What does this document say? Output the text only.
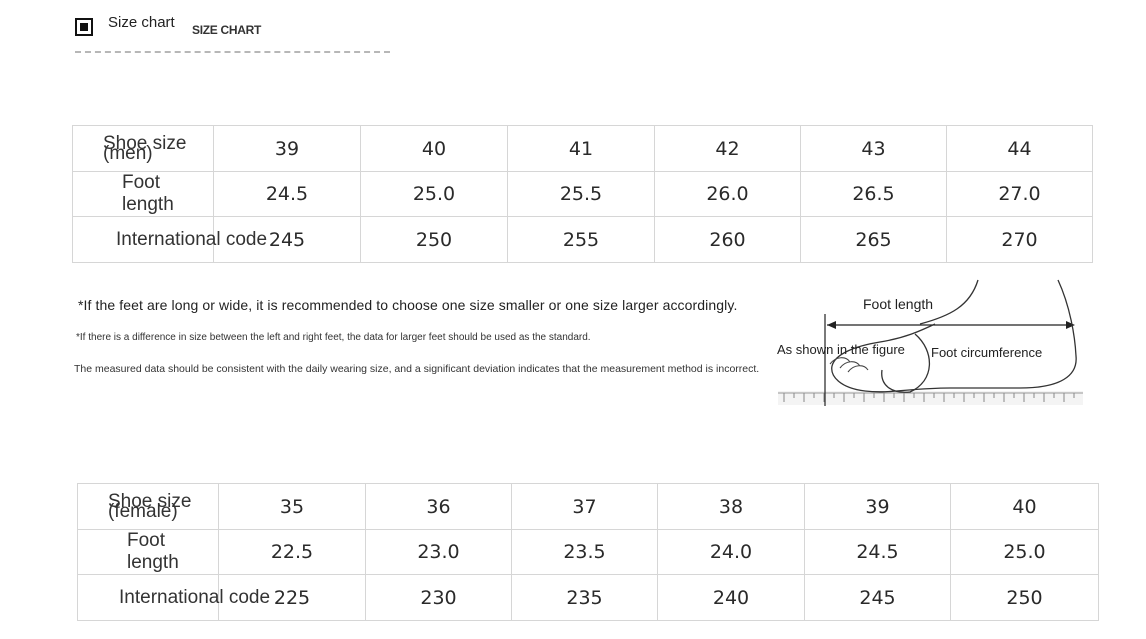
Size chart SIZE CHART
Shoe size
(men)	39	40	41	42	43	44
Foot length	24.5	25.0	25.5	26.0	26.5	27.0
International code	245	250	255	260	265	270
*If the feet are long or wide, it is recommended to choose one size smaller or one size larger accordingly.
*If there is a difference in size between the left and right feet, the data for larger feet should be used as the standard.
The measured data should be consistent with the daily wearing size, and a significant deviation indicates that the measurement method is incorrect.
Foot length
As shown in the figure Foot circumference
Shoe size
(female)	35	36	37	38	39	40
Foot length	22.5	23.0	23.5	24.0	24.5	25.0
International code	225	230	235	240	245	250
